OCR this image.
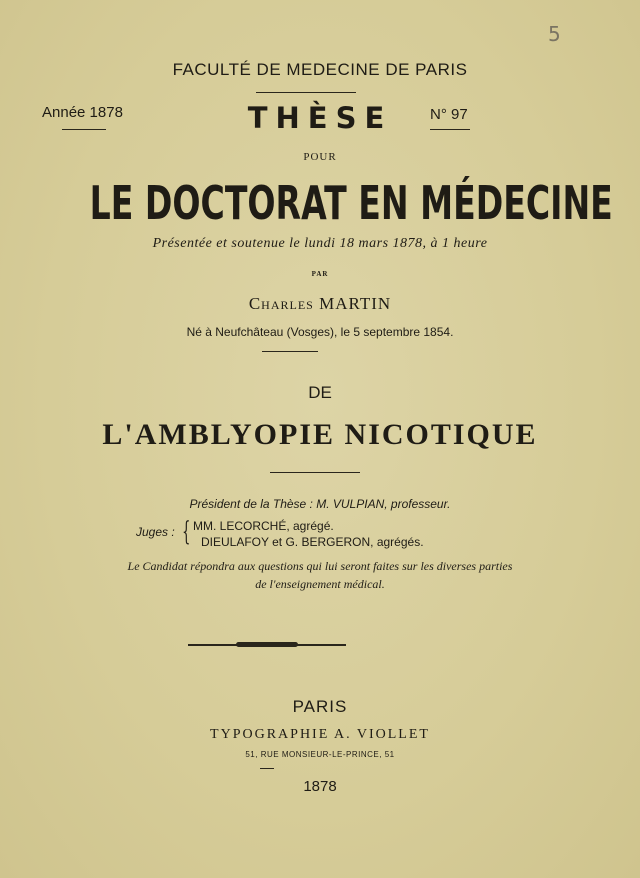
5
FACULTÉ DE MEDECINE DE PARIS
Année 1878	THÈSE	N° 97
POUR
LE DOCTORAT EN MÉDECINE
Présentée et soutenue le lundi 18 mars 1878, à 1 heure
PAR
Charles MARTIN
Né à Neufchâteau (Vosges), le 5 septembre 1854.
DE
L'AMBLYOPIE NICOTIQUE
Président de la Thèse : M. VULPIAN, professeur.
Juges : { MM. LECORCHÉ, agrégé.
DIEULAFOY et G. BERGERON, agrégés.
Le Candidat répondra aux questions qui lui seront faites sur les diverses parties
de l'enseignement médical.
PARIS
TYPOGRAPHIE A. VIOLLET
51, RUE MONSIEUR-LE-PRINCE, 51
1878
